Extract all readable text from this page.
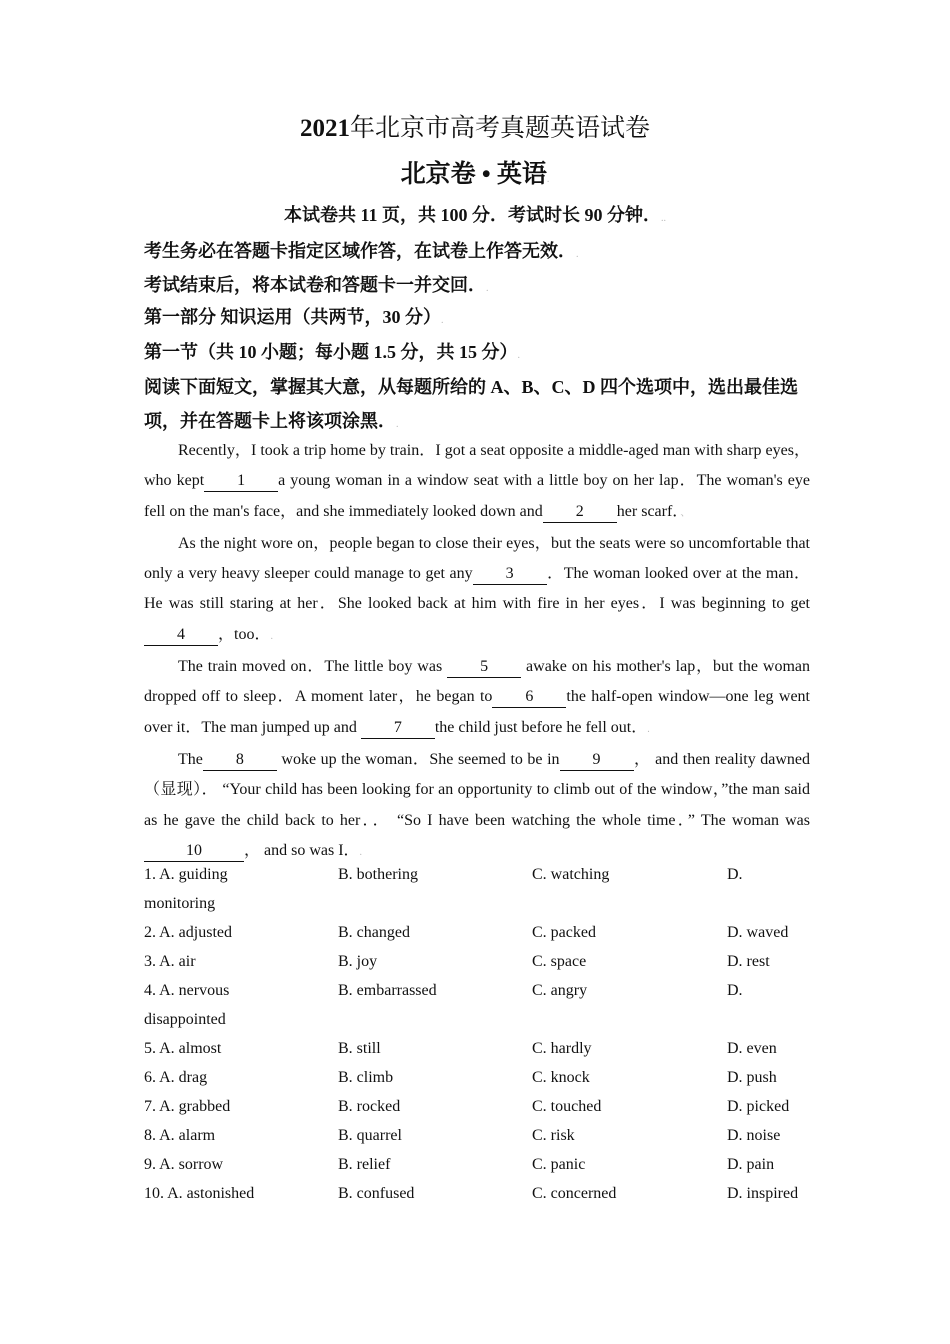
2021年北京市高考真题英语试卷
北京卷 • 英语.
本试卷共 11 页，共 100 分．考试时长 90 分钟．..
考生务必在答题卡指定区域作答，在试卷上作答无效．.
考试结束后，将本试卷和答题卡一并交回．.
第一部分 知识运用（共两节，30 分）.
第一节（共 10 小题；每小题 1.5 分，共 15 分）.
阅读下面短文，掌握其大意，从每题所给的 A、B、C、D 四个选项中，选出最佳选项，并在答题卡上将该项涂黑．.

Recently，I took a trip home by train．I got a seat opposite a middle-aged man with sharp eyes，who kept 1 a young woman in a window seat with a little boy on her lap．The woman's eye fell on the man's face，and she immediately looked down and 2 her scarf．、

As the night wore on，people began to close their eyes，but the seats were so uncomfortable that only a very heavy sleeper could manage to get any 3 ．The woman looked over at the man．He was still staring at her．She looked back at him with fire in her eyes．I was beginning to get4 ，too．.

The train moved on．The little boy was 5 awake on his mother's lap，but the woman dropped off to sleep．A moment later，he began to 6 the half-open window—one leg went over it．The man jumped up and 7 the child just before he fell out．.

The 8 woke up the woman．She seemed to be in 9 ， and then reality dawned （显现）． “Your child has been looking for an opportunity to climb out of the window，”the man said as he gave the child back to her．． “So I have been watching the whole time．” The woman was 10	， and so was I．.

1. A. guiding	B. bothering	C. watching	D.
monitoring
2. A. adjusted	B. changed	C. packed	D. waved
3. A. air	B. joy	C. space	D. rest
4. A. nervous	B. embarrassed	C. angry	D.
disappointed
5. A. almost	B. still	C. hardly	D. even
6. A. drag	B. climb	C. knock	D. push
7. A. grabbed	B. rocked	C. touched	D. picked
8. A. alarm	B. quarrel	C. risk	D. noise
9. A. sorrow	B. relief	C. panic	D. pain
10. A. astonished	B. confused	C. concerned	D. inspired
